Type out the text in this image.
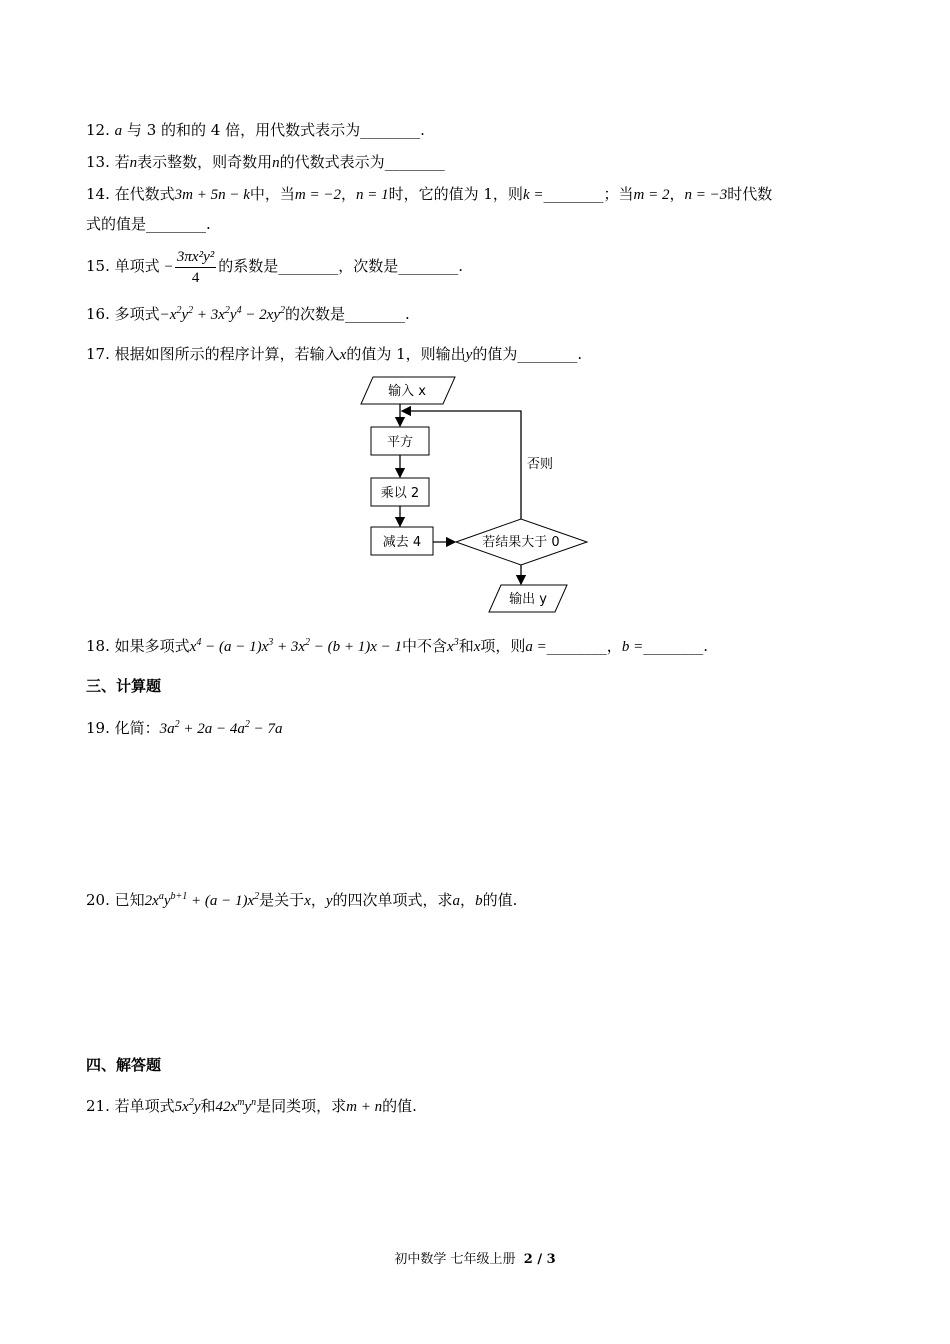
12. a 与 3 的和的 4 倍，用代数式表示为________.
13. 若n表示整数，则奇数用n的代数式表示为________
14. 在代数式3m + 5n − k中，当m = −2，n = 1时，它的值为 1，则k =________；当m = 2，n = −3时代数
式的值是________.
15. 单项式 − $\frac{\text{3πx²y²}}{4}$ 的系数是________，次数是________.
16. 多项式$-x^2y^2 + 3x^2y^4 - 2xy^2$的次数是________.
17. 根据如图所示的程序计算，若输入x的值为 1，则输出y的值为________.
输入 x
平方
乘以 2
减去 4	若结果大于 0
否则
输出 y
18. 如果多项式$x^4 - (a - 1)x^3 + 3x^2 - (b + 1)x - 1$中不含$x^3$和x项，则a =________，b =________.
三、计算题
19. 化简：$3a^2 + 2a - 4a^2 - 7a$
20. 已知$2x^ay^{b+1} + (a - 1)x^2$是关于x，y的四次单项式，求a，b的值.
四、解答题
21. 若单项式$5x^2y$和$42x^my^n$是同类项，求m + n的值.
初中数学 七年级上册 2 / 3
